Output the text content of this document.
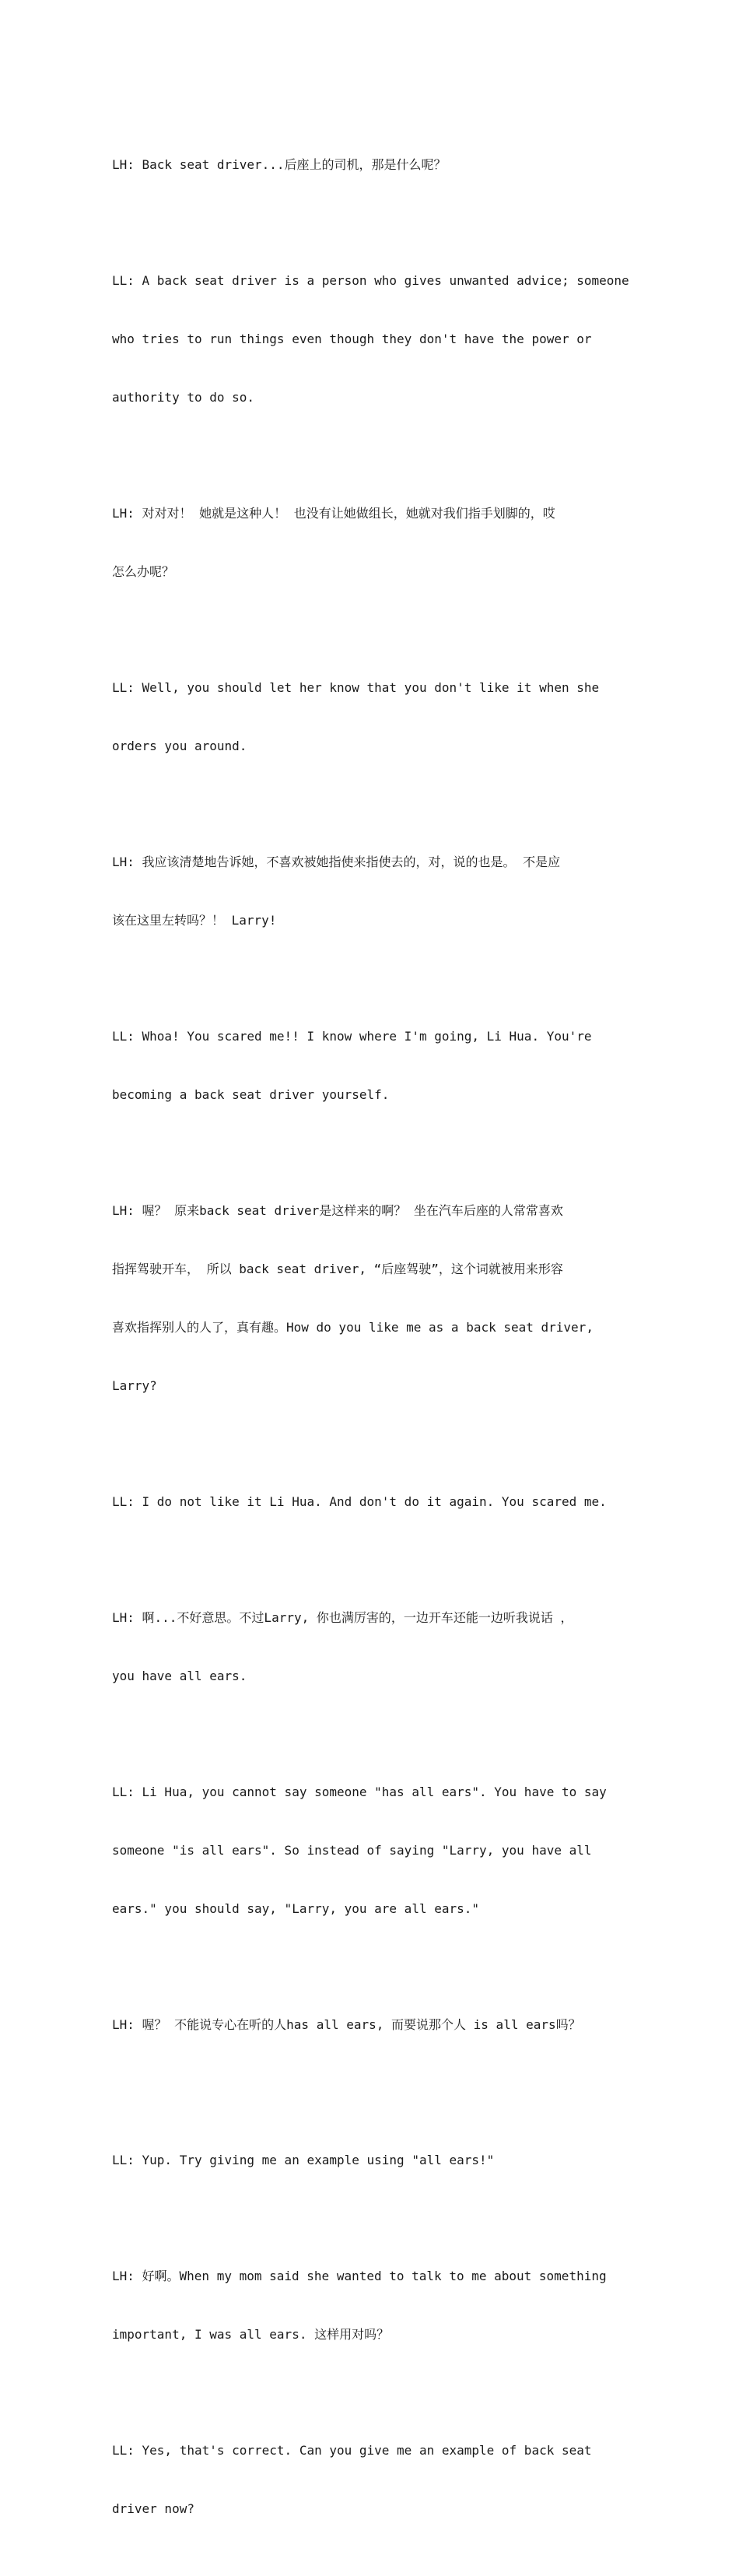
LH: Back seat driver...后座上的司机，那是什么呢？

LL: A back seat driver is a person who gives unwanted advice; someone

who tries to run things even though they don't have the power or

authority to do so.

LH: 对对对！ 她就是这种人！ 也没有让她做组长，她就对我们指手划脚的，哎

怎么办呢？

LL: Well, you should let her know that you don't like it when she

orders you around.

LH: 我应该清楚地告诉她，不喜欢被她指使来指使去的，对，说的也是。 不是应

该在这里左转吗？！ Larry!

LL: Whoa! You scared me!! I know where I'm going, Li Hua. You're

becoming a back seat driver yourself.

LH: 喔？ 原来back seat driver是这样来的啊？ 坐在汽车后座的人常常喜欢

指挥驾驶开车， 所以 back seat driver, “后座驾驶”，这个词就被用来形容

喜欢指挥别人的人了，真有趣。How do you like me as a back seat driver,

Larry?

LL: I do not like it Li Hua. And don't do it again. You scared me.

LH: 啊...不好意思。不过Larry, 你也满厉害的，一边开车还能一边听我说话 ，

you have all ears.

LL: Li Hua, you cannot say someone "has all ears". You have to say

someone "is all ears". So instead of saying "Larry, you have all

ears." you should say, "Larry, you are all ears."

LH: 喔？ 不能说专心在听的人has all ears, 而要说那个人 is all ears吗？

LL: Yup. Try giving me an example using "all ears!"

LH: 好啊。When my mom said she wanted to talk to me about something

important, I was all ears. 这样用对吗？

LL: Yes, that's correct. Can you give me an example of back seat

driver now?
